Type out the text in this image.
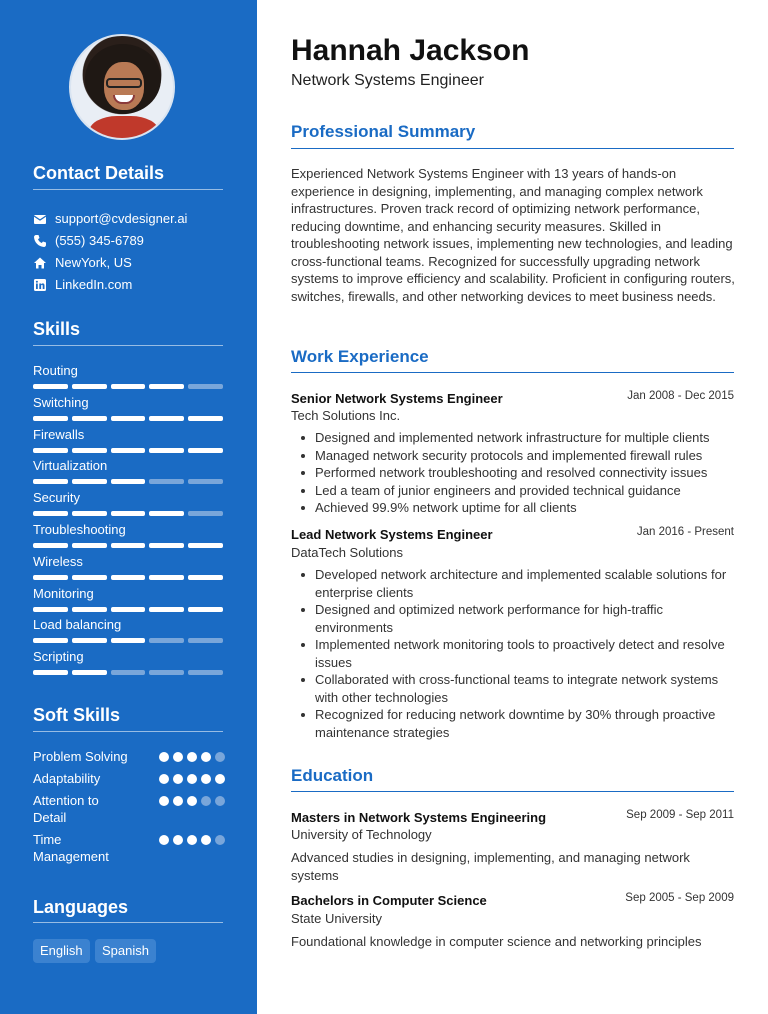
Contact Details
support@cvdesigner.ai
(555) 345-6789
NewYork, US
LinkedIn.com
Skills
Routing
Switching
Firewalls
Virtualization
Security
Troubleshooting
Wireless
Monitoring
Load balancing
Scripting
Soft Skills
Problem Solving
Adaptability
Attention to Detail
Time Management
Languages
English	Spanish
Hannah Jackson
Network Systems Engineer
Professional Summary
Experienced Network Systems Engineer with 13 years of hands-on experience in designing, implementing, and managing complex network infrastructures. Proven track record of optimizing network performance, reducing downtime, and enhancing security measures. Skilled in troubleshooting network issues, implementing new technologies, and leading cross-functional teams. Recognized for successfully upgrading network systems to improve efficiency and scalability. Proficient in configuring routers, switches, firewalls, and other networking devices to meet business needs.
Work Experience
Senior Network Systems Engineer	Jan 2008 - Dec 2015
Tech Solutions Inc.
Designed and implemented network infrastructure for multiple clients
Managed network security protocols and implemented firewall rules
Performed network troubleshooting and resolved connectivity issues
Led a team of junior engineers and provided technical guidance
Achieved 99.9% network uptime for all clients
Lead Network Systems Engineer	Jan 2016 - Present
DataTech Solutions
Developed network architecture and implemented scalable solutions for enterprise clients
Designed and optimized network performance for high-traffic environments
Implemented network monitoring tools to proactively detect and resolve issues
Collaborated with cross-functional teams to integrate network systems with other technologies
Recognized for reducing network downtime by 30% through proactive maintenance strategies
Education
Masters in Network Systems Engineering	Sep 2009 - Sep 2011
University of Technology
Advanced studies in designing, implementing, and managing network systems
Bachelors in Computer Science	Sep 2005 - Sep 2009
State University
Foundational knowledge in computer science and networking principles
